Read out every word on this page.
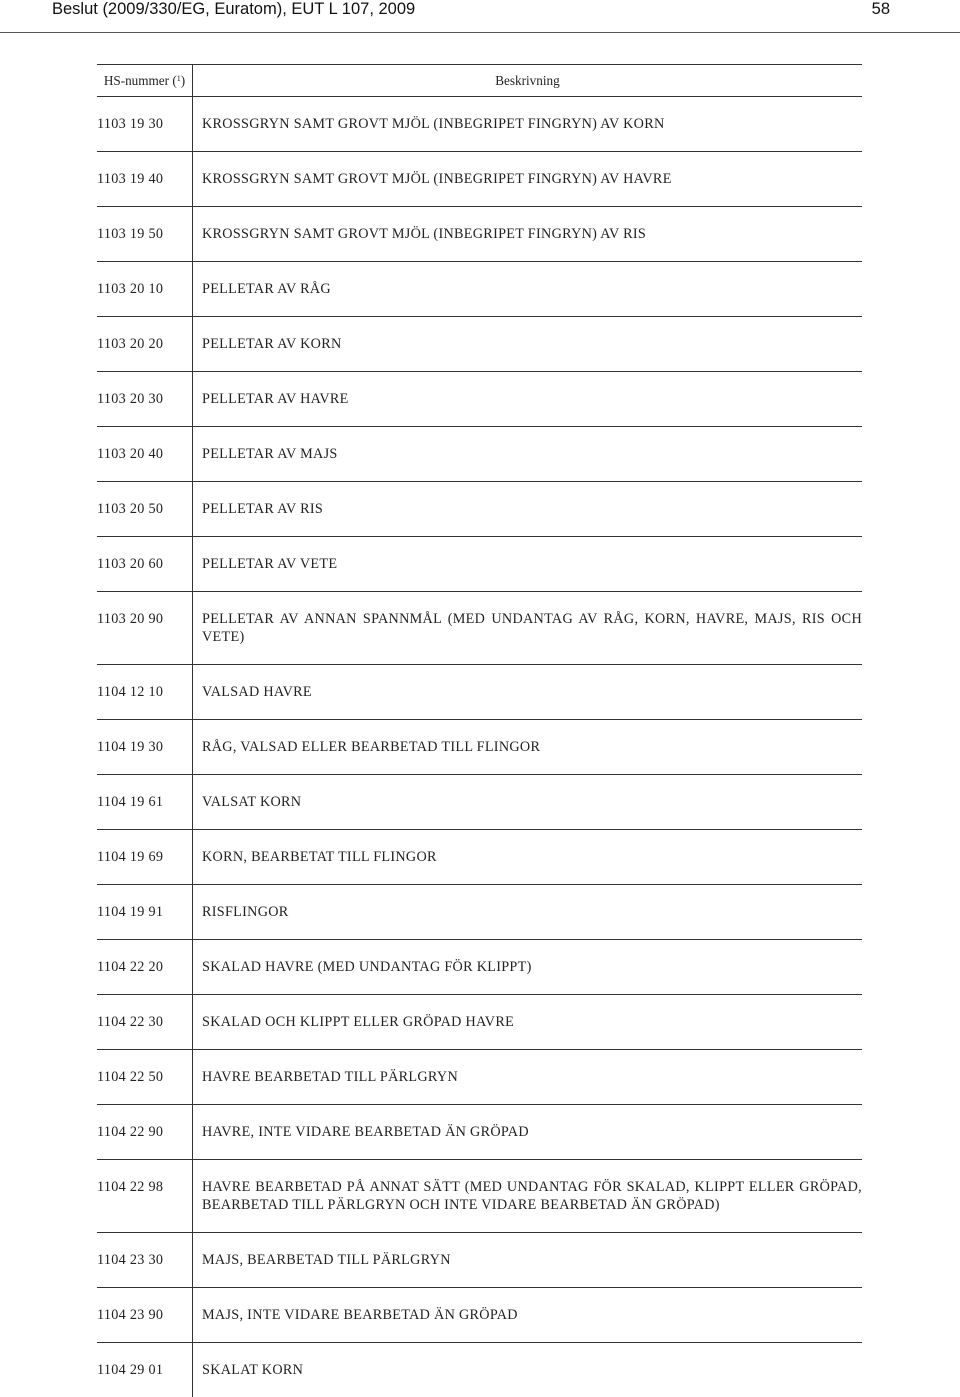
Beslut (2009/330/EG, Euratom), EUT L 107, 2009	58
HS-nummer ($^1$)	Beskrivning
1103 19 30	KROSSGRYN SAMT GROVT MJÖL (INBEGRIPET FINGRYN) AV KORN
1103 19 40	KROSSGRYN SAMT GROVT MJÖL (INBEGRIPET FINGRYN) AV HAVRE
1103 19 50	KROSSGRYN SAMT GROVT MJÖL (INBEGRIPET FINGRYN) AV RIS
1103 20 10	PELLETAR AV RÅG
1103 20 20	PELLETAR AV KORN
1103 20 30	PELLETAR AV HAVRE
1103 20 40	PELLETAR AV MAJS
1103 20 50	PELLETAR AV RIS
1103 20 60	PELLETAR AV VETE
1103 20 90	PELLETAR AV ANNAN SPANNMÅL (MED UNDANTAG AV RÅG, KORN, HAVRE, MAJS, RIS OCH VETE)
1104 12 10	VALSAD HAVRE
1104 19 30	RÅG, VALSAD ELLER BEARBETAD TILL FLINGOR
1104 19 61	VALSAT KORN
1104 19 69	KORN, BEARBETAT TILL FLINGOR
1104 19 91	RISFLINGOR
1104 22 20	SKALAD HAVRE (MED UNDANTAG FÖR KLIPPT)
1104 22 30	SKALAD OCH KLIPPT ELLER GRÖPAD HAVRE
1104 22 50	HAVRE BEARBETAD TILL PÄRLGRYN
1104 22 90	HAVRE, INTE VIDARE BEARBETAD ÄN GRÖPAD
1104 22 98	HAVRE BEARBETAD PÅ ANNAT SÄTT (MED UNDANTAG FÖR SKALAD, KLIPPT ELLER GRÖPAD, BEARBETAD TILL PÄRLGRYN OCH INTE VIDARE BEARBETAD ÄN GRÖPAD)
1104 23 30	MAJS, BEARBETAD TILL PÄRLGRYN
1104 23 90	MAJS, INTE VIDARE BEARBETAD ÄN GRÖPAD
1104 29 01	SKALAT KORN
